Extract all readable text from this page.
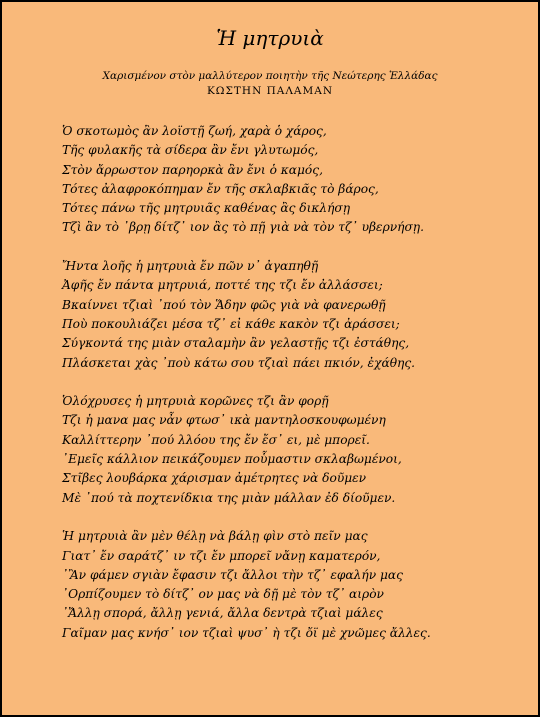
Ἡ μητρυιὰ
Χαρισμένον στὸν μαλλύτερον ποιητὴν τῆς Νεώτερης Ἑλλάδας
ΚΩΣΤΗΝ ΠΑΛΑΜΑΝ
Ὁ σκοτωμὸς ἂν λοϊστῇ ζωή, χαρὰ ὁ χάρος,
Τῆς φυλακῆς τὰ σίδερα ἂν ἔνι γλυτωμός,
Στὸν ἄρρωστον παρηορκὰ ἂν ἔνι ὁ καμός,
Τότες ἀλαφροκόπημαν ἔν τῆς σκλαβκιᾶς τὸ βάρος,
Τότες πάνω τῆς μητρυιᾶς καθένας ἂς δικλήσῃ
Τζὶ ἂν τὸ ᾿βρῃ δίτζ᾿ ιον ἂς τὸ πῇ γιὰ νὰ τὸν τζ᾿ υβερνήσῃ.
Ἤντα λοῆς ἡ μητρυιὰ ἔν πῶν ν᾿ ἀγαπηθῇ
Ἀφῆς ἔν πάντα μητρυιά, ποττέ της τζι ἔν ἀλλάσσει;
Βκαίννει τζιαὶ ᾿πού τὸν Ἅδην φῶς γιὰ νὰ φανερωθῇ
Ποὺ ποκουλιάζει μέσα τζ᾿ εἰ κάθε κακὸν τζι ἀράσσει;
Σύγκοντά της μιὰν σταλαμὴν ἂν γελαστῇς τζι ἐστάθης,
Πλάσκεται χὰς ᾿ποὺ κάτω σου τζιαὶ πάει πκιόν, ἐχάθης.
Ὁλόχρυσες ἡ μητρυιὰ κορῶνες τζι ἂν φορῇ
Τζι ἡ μανα μας νἆν φτωσ᾿ ικὰ μαντηλοσκουφωμένη
Καλλίττερην ᾿πού λλόου της ἔν ἔσ᾿ ει, μὲ μπορεῖ.
᾿Εμεῖς κάλλιον πεικάζουμεν πoὗμαστιν σκλαβωμένοι,
Στῖβες λουβάρκα χάρισμαν ἀμέτρητες νὰ δοῦμεν
Μὲ ᾿πού τὰ ποχτενίδκια της μιὰν μάλλαν ἐδ δίοῦμεν.
Ἡ μητρυιὰ ἂν μὲν θέλῃ νὰ βάλῃ φὶν στὸ πεῖν μας
Γιατ᾿ ἔν σαράτζ᾿ ιν τζι ἔν μπορεῖ νἄνῃ καματερόν,
᾿Ἂν φάμεν σγιὰν ἔφασιν τζι ἄλλοι τὴν τζ᾿ εφαλήν μας
᾿Ορπίζουμεν τὸ δίτζ᾿ ον μας νὰ δῇ μὲ τὸν τζ᾿ αιρὸν
᾿Ἄλλῃ σπορά, ἄλλῃ γενιά, ἄλλα δεντρὰ τζιαὶ μάλες
Γαῖμαν μας κνήσ᾿ ιον τζιαὶ ψυσ᾿ ὴ τζι ὄϊ μὲ χνῶμες ἄλλες.
